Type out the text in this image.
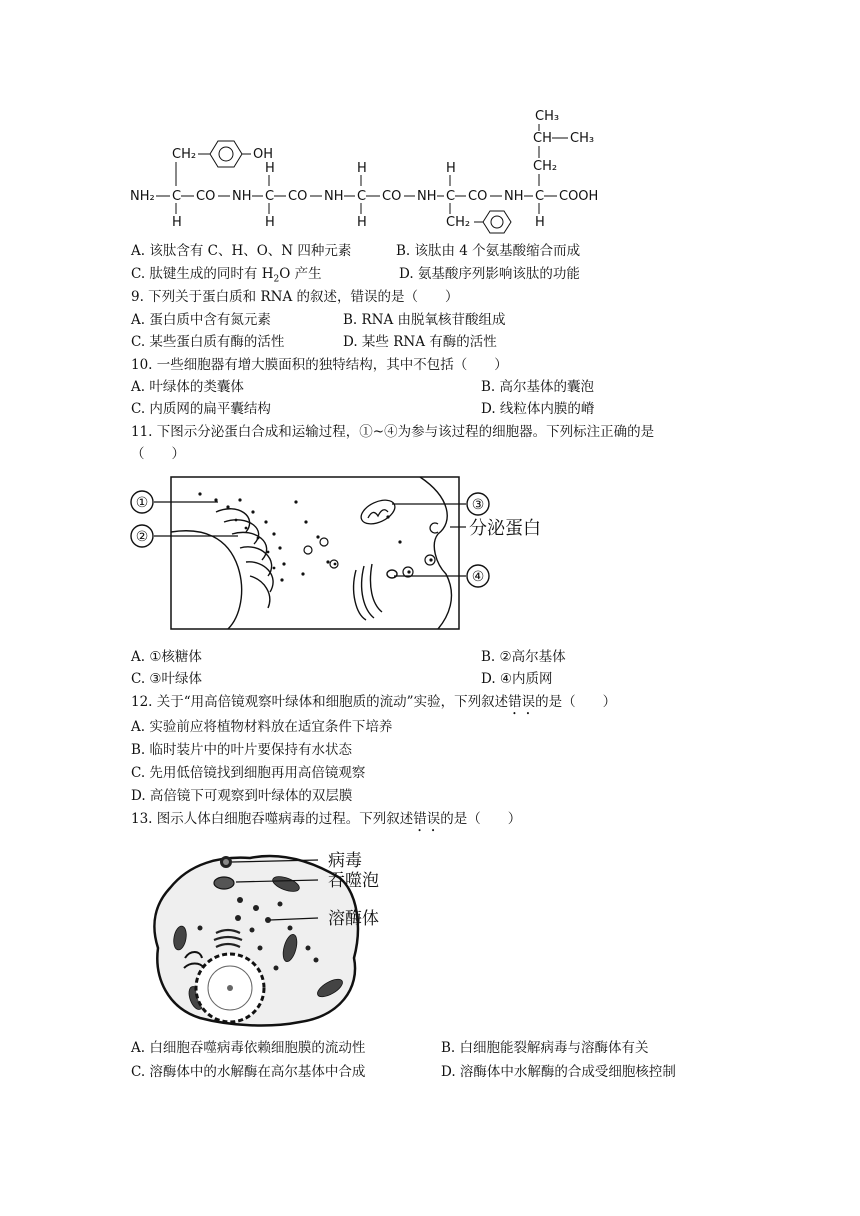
NH₂ C CO NH C CO NH C CO NH C CO NH C COOH
CH₂	OH
H	H	H
CH₃
CH CH₃
CH₂
H	H	H	CH₂	H
A. 该肽含有 C、H、O、N 四种元素	B. 该肽由 4 个氨基酸缩合而成
C. 肽键生成的同时有 $H_2O$ 产生	D. 氨基酸序列影响该肽的功能
9. 下列关于蛋白质和 RNA 的叙述，错误的是（　　）
A. 蛋白质中含有氮元素	B. RNA 由脱氧核苷酸组成
C. 某些蛋白质有酶的活性	D. 某些 RNA 有酶的活性
10. 一些细胞器有增大膜面积的独特结构，其中不包括（　　）
A. 叶绿体的类囊体	B. 高尔基体的囊泡
C. 内质网的扁平囊结构	D. 线粒体内膜的嵴
11. 下图示分泌蛋白合成和运输过程，①~④为参与该过程的细胞器。下列标注正确的是
（　　）
①
②
③
④
分泌蛋白
A. ①核糖体	B. ②高尔基体
C. ③叶绿体	D. ④内质网
12. 关于“用高倍镜观察叶绿体和细胞质的流动”实验，下列叙述错误的是（　　）
A. 实验前应将植物材料放在适宜条件下培养
B. 临时装片中的叶片要保持有水状态
C. 先用低倍镜找到细胞再用高倍镜观察
D. 高倍镜下可观察到叶绿体的双层膜
13. 图示人体白细胞吞噬病毒的过程。下列叙述错误的是（　　）
病毒
吞噬泡
溶酶体
A. 白细胞吞噬病毒依赖细胞膜的流动性	B. 白细胞能裂解病毒与溶酶体有关
C. 溶酶体中的水解酶在高尔基体中合成	D. 溶酶体中水解酶的合成受细胞核控制
